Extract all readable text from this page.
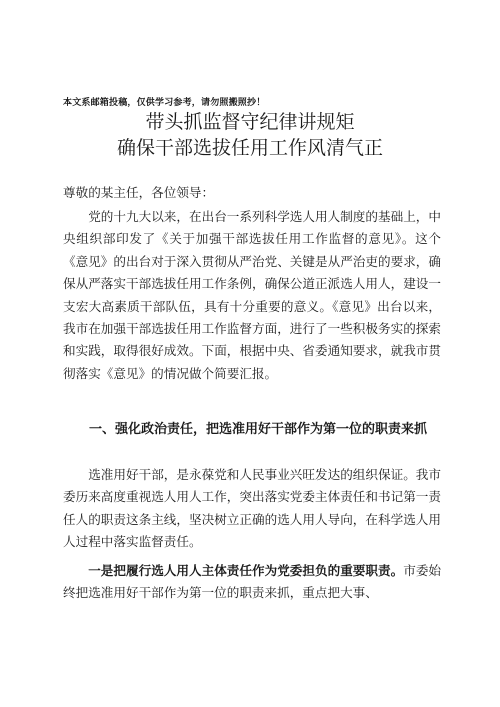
本文系邮箱投稿，仅供学习参考，请勿照搬照抄！
带头抓监督守纪律讲规矩
确保干部选拔任用工作风清气正
尊敬的某主任，各位领导：
党的十九大以来，在出台一系列科学选人用人制度的基础上，中央组织部印发了《关于加强干部选拔任用工作监督的意见》。这个《意见》的出台对于深入贯彻从严治党、关键是从严治吏的要求，确保从严落实干部选拔任用工作条例，确保公道正派选人用人，建设一支宏大高素质干部队伍，具有十分重要的意义。《意见》出台以来，我市在加强干部选拔任用工作监督方面，进行了一些积极务实的探索和实践，取得很好成效。下面，根据中央、省委通知要求，就我市贯彻落实《意见》的情况做个简要汇报。
一、强化政治责任，把选准用好干部作为第一位的职责来抓
选准用好干部，是永葆党和人民事业兴旺发达的组织保证。我市委历来高度重视选人用人工作，突出落实党委主体责任和书记第一责任人的职责这条主线，坚决树立正确的选人用人导向，在科学选人用人过程中落实监督责任。
一是把履行选人用人主体责任作为党委担负的重要职责。市委始终把选准用好干部作为第一位的职责来抓，重点把大事、
